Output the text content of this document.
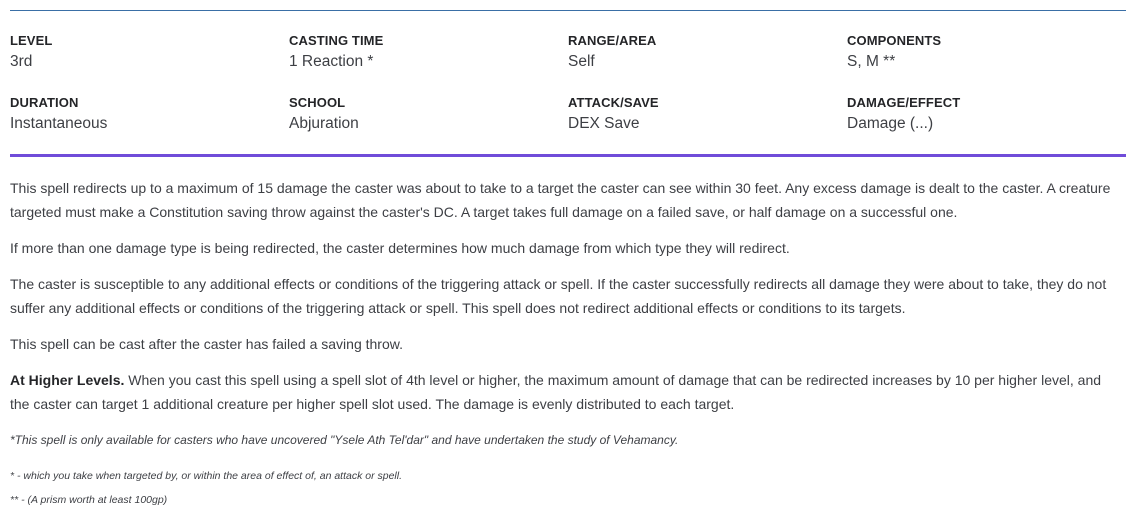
LEVEL
3rd
CASTING TIME
1 Reaction *
RANGE/AREA
Self
COMPONENTS
S, M **
DURATION
Instantaneous
SCHOOL
Abjuration
ATTACK/SAVE
DEX Save
DAMAGE/EFFECT
Damage (...)

This spell redirects up to a maximum of 15 damage the caster was about to take to a target the caster can see within 30 feet. Any excess damage is dealt to the caster. A creature targeted must make a Constitution saving throw against the caster's DC. A target takes full damage on a failed save, or half damage on a successful one.

If more than one damage type is being redirected, the caster determines how much damage from which type they will redirect.

The caster is susceptible to any additional effects or conditions of the triggering attack or spell. If the caster successfully redirects all damage they were about to take, they do not suffer any additional effects or conditions of the triggering attack or spell. This spell does not redirect additional effects or conditions to its targets.

This spell can be cast after the caster has failed a saving throw.

At Higher Levels. When you cast this spell using a spell slot of 4th level or higher, the maximum amount of damage that can be redirected increases by 10 per higher level, and the caster can target 1 additional creature per higher spell slot used. The damage is evenly distributed to each target.

*This spell is only available for casters who have uncovered "Ysele Ath Tel'dar" and have undertaken the study of Vehamancy.

* - which you take when targeted by, or within the area of effect of, an attack or spell.

** - (A prism worth at least 100gp)
